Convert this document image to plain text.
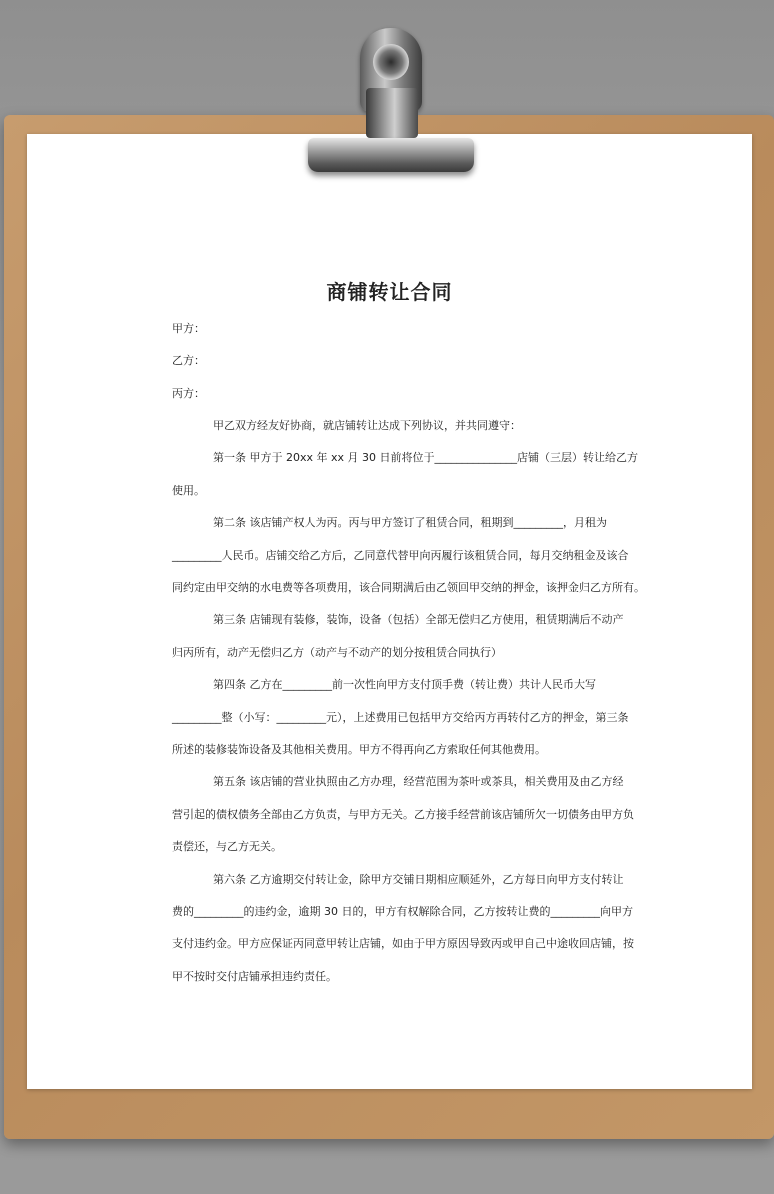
商铺转让合同
甲方：
乙方：
丙方：
甲乙双方经友好协商，就店铺转让达成下列协议，并共同遵守：
第一条 甲方于 20xx 年 xx 月 30 日前将位于_______________店铺（三层）转让给乙方
使用。
第二条 该店铺产权人为丙。丙与甲方签订了租赁合同，租期到_________，月租为
_________人民币。店铺交给乙方后，乙同意代替甲向丙履行该租赁合同，每月交纳租金及该合
同约定由甲交纳的水电费等各项费用，该合同期满后由乙领回甲交纳的押金，该押金归乙方所有。
第三条 店铺现有装修，装饰，设备（包括）全部无偿归乙方使用，租赁期满后不动产
归丙所有，动产无偿归乙方（动产与不动产的划分按租赁合同执行）
第四条 乙方在_________前一次性向甲方支付顶手费（转让费）共计人民币大写
_________整（小写：_________元），上述费用已包括甲方交给丙方再转付乙方的押金，第三条
所述的装修装饰设备及其他相关费用。甲方不得再向乙方索取任何其他费用。
第五条 该店铺的营业执照由乙方办理，经营范围为茶叶或茶具，相关费用及由乙方经
营引起的债权债务全部由乙方负责，与甲方无关。乙方接手经营前该店铺所欠一切债务由甲方负
责偿还，与乙方无关。
第六条 乙方逾期交付转让金，除甲方交铺日期相应顺延外，乙方每日向甲方支付转让
费的_________的违约金，逾期 30 日的，甲方有权解除合同，乙方按转让费的_________向甲方
支付违约金。甲方应保证丙同意甲转让店铺，如由于甲方原因导致丙或甲自己中途收回店铺，按
甲不按时交付店铺承担违约责任。
